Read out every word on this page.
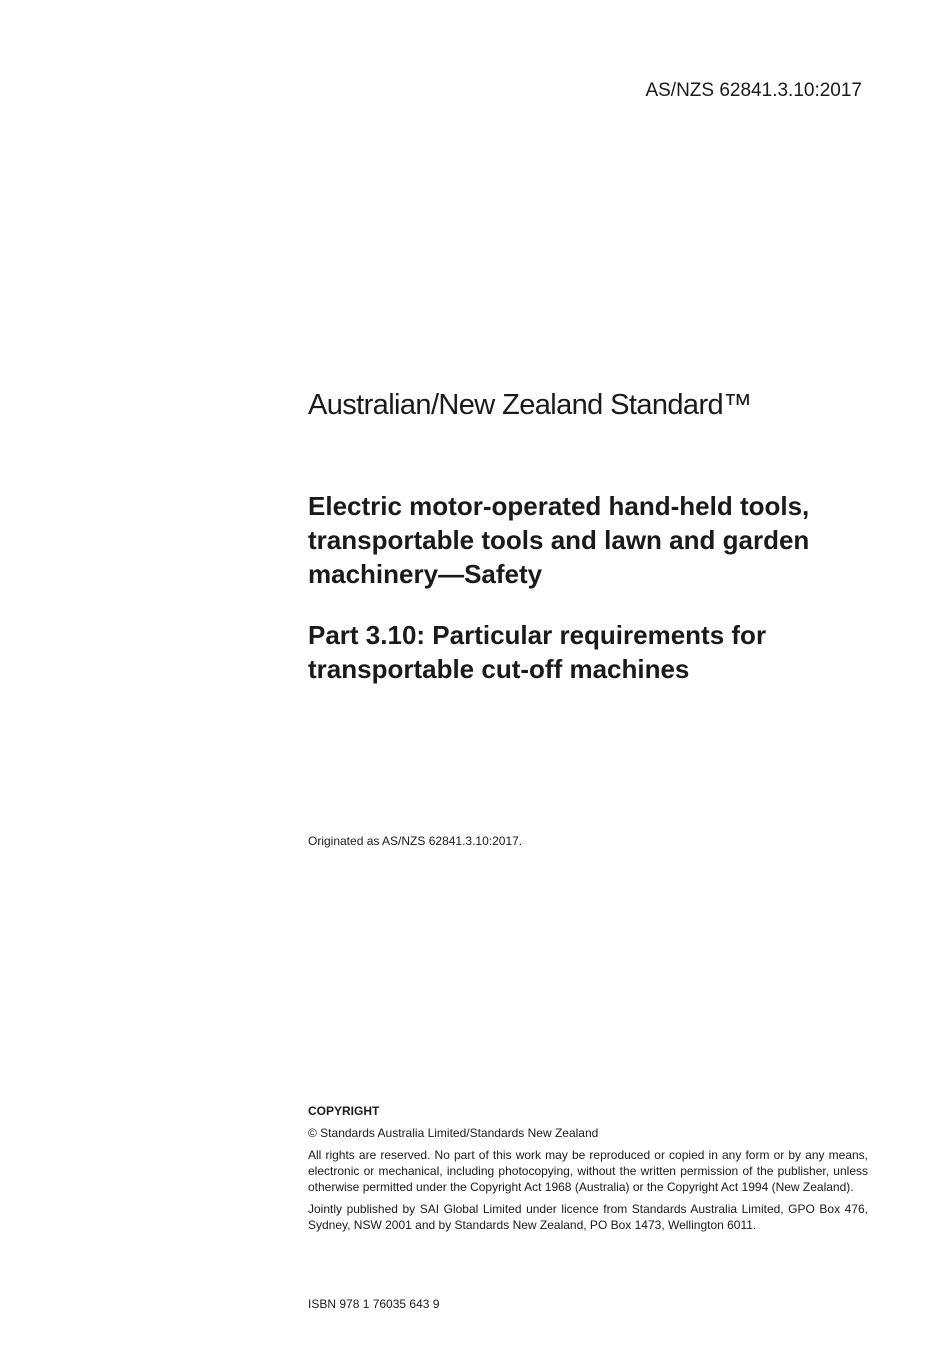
AS/NZS 62841.3.10:2017

Australian/New Zealand Standard™
Electric motor-operated hand-held tools, transportable tools and lawn and garden machinery—Safety
Part 3.10: Particular requirements for transportable cut-off machines

Originated as AS/NZS 62841.3.10:2017.

COPYRIGHT

© Standards Australia Limited/Standards New Zealand

All rights are reserved. No part of this work may be reproduced or copied in any form or by any means, electronic or mechanical, including photocopying, without the written permission of the publisher, unless otherwise permitted under the Copyright Act 1968 (Australia) or the Copyright Act 1994 (New Zealand).

Jointly published by SAI Global Limited under licence from Standards Australia Limited, GPO Box 476, Sydney, NSW 2001 and by Standards New Zealand, PO Box 1473, Wellington 6011.

ISBN 978 1 76035 643 9
